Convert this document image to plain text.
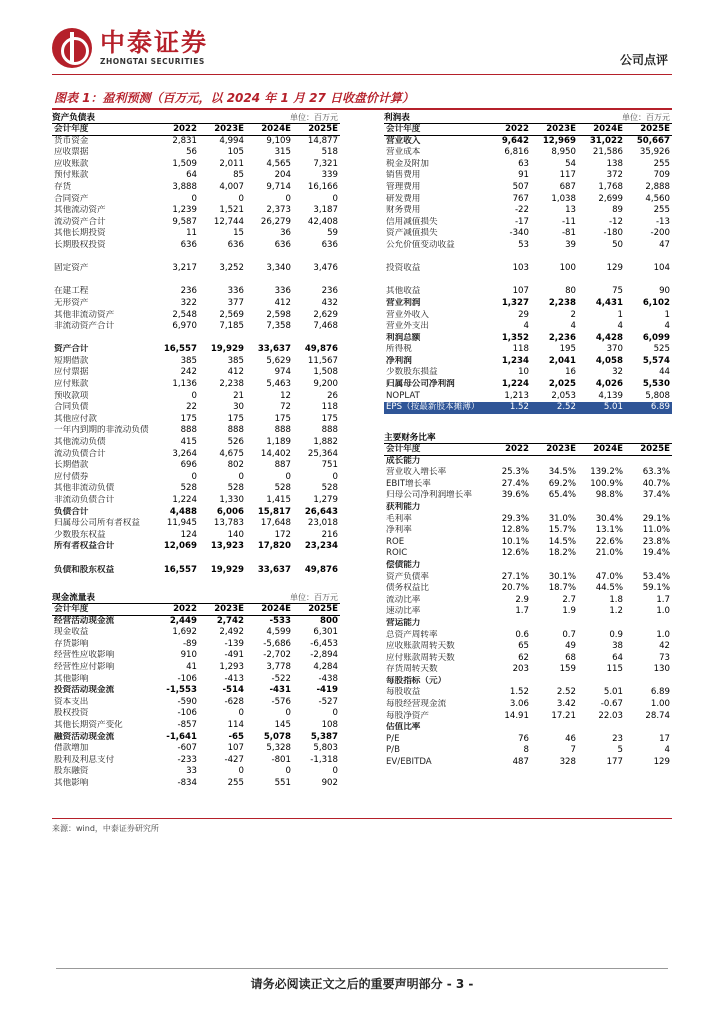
中泰证券
ZHONGTAI SECURITIES	公司点评
图表 1：盈利预测（百万元，以 2024 年 1 月 27 日收盘价计算）
资产负债表	单位：百万元
会计年度	2022	2023E	2024E	2025E
货币资金	2,831	4,994	9,109	14,877
应收票据	56	105	315	518
应收账款	1,509	2,011	4,565	7,321
预付账款	64	85	204	339
存货	3,888	4,007	9,714	16,166
合同资产	0	0	0	0
其他流动资产	1,239	1,521	2,373	3,187
流动资产合计	9,587	12,744	26,279	42,408
其他长期投资	11	15	36	59
长期股权投资	636	636	636	636
固定资产	3,217	3,252	3,340	3,476
在建工程	236	336	336	236
无形资产	322	377	412	432
其他非流动资产	2,548	2,569	2,598	2,629
非流动资产合计	6,970	7,185	7,358	7,468
资产合计	16,557	19,929	33,637	49,876
短期借款	385	385	5,629	11,567
应付票据	242	412	974	1,508
应付账款	1,136	2,238	5,463	9,200
预收款项	0	21	12	26
合同负债	22	30	72	118
其他应付款	175	175	175	175
一年内到期的非流动负债	888	888	888	888
其他流动负债	415	526	1,189	1,882
流动负债合计	3,264	4,675	14,402	25,364
长期借款	696	802	887	751
应付债券	0	0	0	0
其他非流动负债	528	528	528	528
非流动负债合计	1,224	1,330	1,415	1,279
负债合计	4,488	6,006	15,817	26,643
归属母公司所有者权益	11,945	13,783	17,648	23,018
少数股东权益	124	140	172	216
所有者权益合计	12,069	13,923	17,820	23,234
负债和股东权益	16,557	19,929	33,637	49,876
现金流量表	单位：百万元
会计年度	2022	2023E	2024E	2025E
经营活动现金流	2,449	2,742	-533	800
现金收益	1,692	2,492	4,599	6,301
存货影响	-89	-139	-5,686	-6,453
经营性应收影响	910	-491	-2,702	-2,894
经营性应付影响	41	1,293	3,778	4,284
其他影响	-106	-413	-522	-438
投资活动现金流	-1,553	-514	-431	-419
资本支出	-590	-628	-576	-527
股权投资	-106	0	0	0
其他长期资产变化	-857	114	145	108
融资活动现金流	-1,641	-65	5,078	5,387
借款增加	-607	107	5,328	5,803
股利及利息支付	-233	-427	-801	-1,318
股东融资	33	0	0	0
其他影响	-834	255	551	902
利润表	单位：百万元
会计年度	2022	2023E	2024E	2025E
营业收入	9,642	12,969	31,022	50,667
营业成本	6,816	8,950	21,586	35,926
税金及附加	63	54	138	255
销售费用	91	117	372	709
管理费用	507	687	1,768	2,888
研发费用	767	1,038	2,699	4,560
财务费用	-22	13	89	255
信用减值损失	-17	-11	-12	-13
资产减值损失	-340	-81	-180	-200
公允价值变动收益	53	39	50	47
投资收益	103	100	129	104
其他收益	107	80	75	90
营业利润	1,327	2,238	4,431	6,102
营业外收入	29	2	1	1
营业外支出	4	4	4	4
利润总额	1,352	2,236	4,428	6,099
所得税	118	195	370	525
净利润	1,234	2,041	4,058	5,574
少数股东损益	10	16	32	44
归属母公司净利润	1,224	2,025	4,026	5,530
NOPLAT	1,213	2,053	4,139	5,808
EPS（按最新股本摊薄）	1.52	2.52	5.01	6.89
主要财务比率
会计年度	2022	2023E	2024E	2025E
成长能力
营业收入增长率	25.3%	34.5%	139.2%	63.3%
EBIT增长率	27.4%	69.2%	100.9%	40.7%
归母公司净利润增长率	39.6%	65.4%	98.8%	37.4%
获利能力
毛利率	29.3%	31.0%	30.4%	29.1%
净利率	12.8%	15.7%	13.1%	11.0%
ROE	10.1%	14.5%	22.6%	23.8%
ROIC	12.6%	18.2%	21.0%	19.4%
偿债能力
资产负债率	27.1%	30.1%	47.0%	53.4%
债务权益比	20.7%	18.7%	44.5%	59.1%
流动比率	2.9	2.7	1.8	1.7
速动比率	1.7	1.9	1.2	1.0
营运能力
总资产周转率	0.6	0.7	0.9	1.0
应收账款周转天数	65	49	38	42
应付账款周转天数	62	68	64	73
存货周转天数	203	159	115	130
每股指标（元）
每股收益	1.52	2.52	5.01	6.89
每股经营现金流	3.06	3.42	-0.67	1.00
每股净资产	14.91	17.21	22.03	28.74
估值比率
P/E	76	46	23	17
P/B	8	7	5	4
EV/EBITDA	487	328	177	129
来源：wind，中泰证券研究所
请务必阅读正文之后的重要声明部分 - 3 -
